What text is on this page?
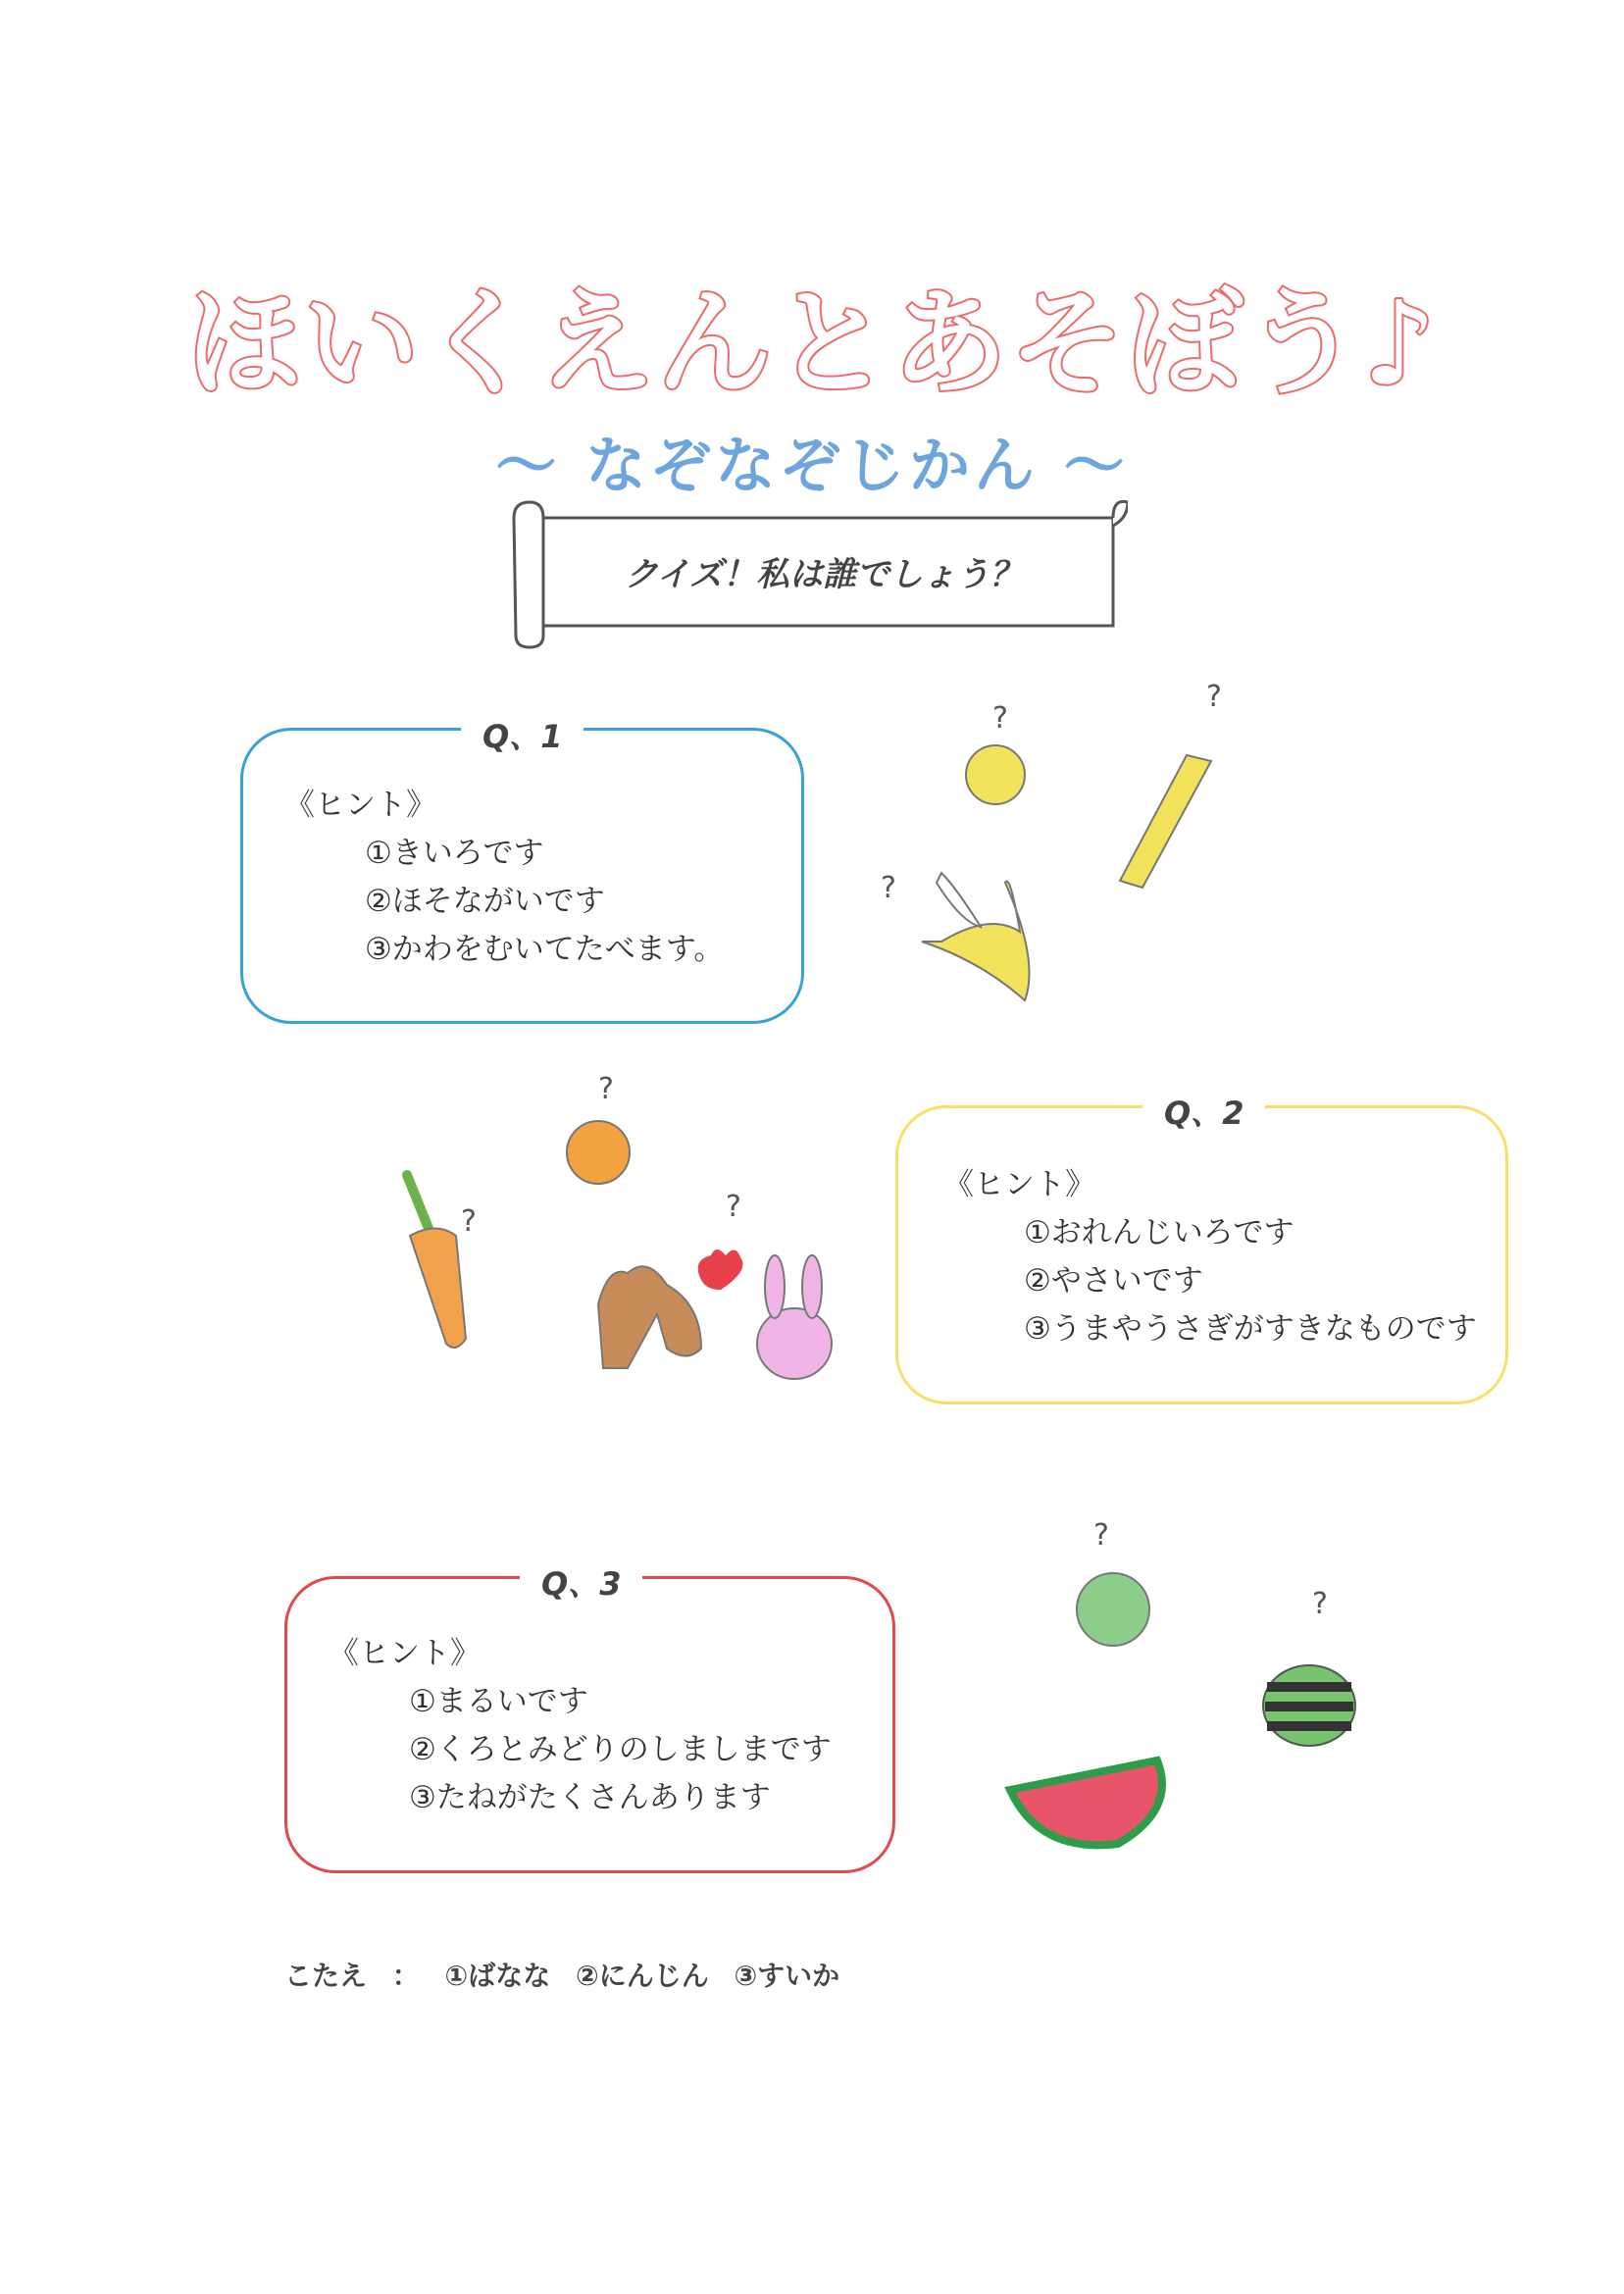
ほいくえんとあそぼう♪
～ なぞなぞじかん ～
クイズ！私は誰でしょう？
Q、1
《ヒント》
①きいろです
②ほそながいです
③かわをむいてたべます。
Q、2
《ヒント》
①おれんじいろです
②やさいです
③うまやうさぎがすきなものです
Q、3
《ヒント》
①まるいです
②くろとみどりのしましまです
③たねがたくさんあります
?
?
?
?
?	?
?
?
こたえ ： ①ばなな ②にんじん ③すいか
